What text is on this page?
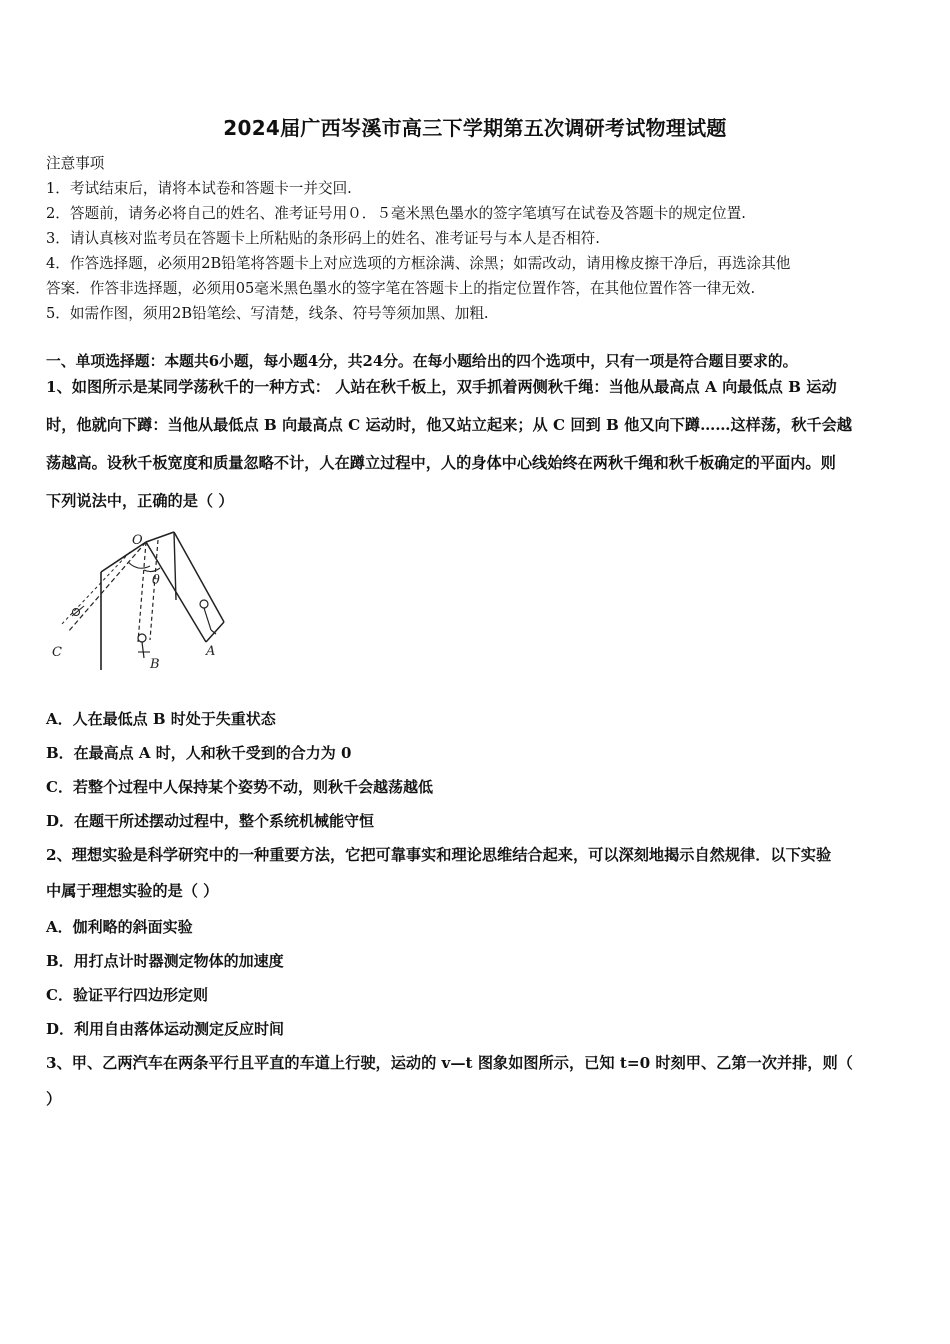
2024届广西岑溪市高三下学期第五次调研考试物理试题
注意事项
1．考试结束后，请将本试卷和答题卡一并交回.
2．答题前，请务必将自己的姓名、准考证号用０．５毫米黑色墨水的签字笔填写在试卷及答题卡的规定位置.
3．请认真核对监考员在答题卡上所粘贴的条形码上的姓名、准考证号与本人是否相符.
4．作答选择题，必须用2B铅笔将答题卡上对应选项的方框涂满、涂黑；如需改动，请用橡皮擦干净后，再选涂其他
答案．作答非选择题，必须用05毫米黑色墨水的签字笔在答题卡上的指定位置作答，在其他位置作答一律无效.
5．如需作图，须用2B铅笔绘、写清楚，线条、符号等须加黑、加粗.
一、单项选择题：本题共6小题，每小题4分，共24分。在每小题给出的四个选项中，只有一项是符合题目要求的。
1、如图所示是某同学荡秋千的一种方式： 人站在秋千板上，双手抓着两侧秋千绳：当他从最高点 A 向最低点 B 运动
时，他就向下蹲：当他从最低点 B 向最高点 C 运动时，他又站立起来；从 C 回到 B 他又向下蹲……这样荡，秋千会越
荡越高。设秋千板宽度和质量忽略不计，人在蹲立过程中，人的身体中心线始终在两秋千绳和秋千板确定的平面内。则
下列说法中，正确的是（ ）
O
θ
A
B
C
A．人在最低点 B 时处于失重状态
B．在最高点 A 时，人和秋千受到的合力为 0
C．若整个过程中人保持某个姿势不动，则秋千会越荡越低
D．在题干所述摆动过程中，整个系统机械能守恒
2、理想实验是科学研究中的一种重要方法，它把可靠事实和理论思维结合起来，可以深刻地揭示自然规律．以下实验
中属于理想实验的是（ ）
A．伽利略的斜面实验
B．用打点计时器测定物体的加速度
C．验证平行四边形定则
D．利用自由落体运动测定反应时间
3、甲、乙两汽车在两条平行且平直的车道上行驶，运动的 v—t 图象如图所示，已知 t=0 时刻甲、乙第一次并排，则（
）
